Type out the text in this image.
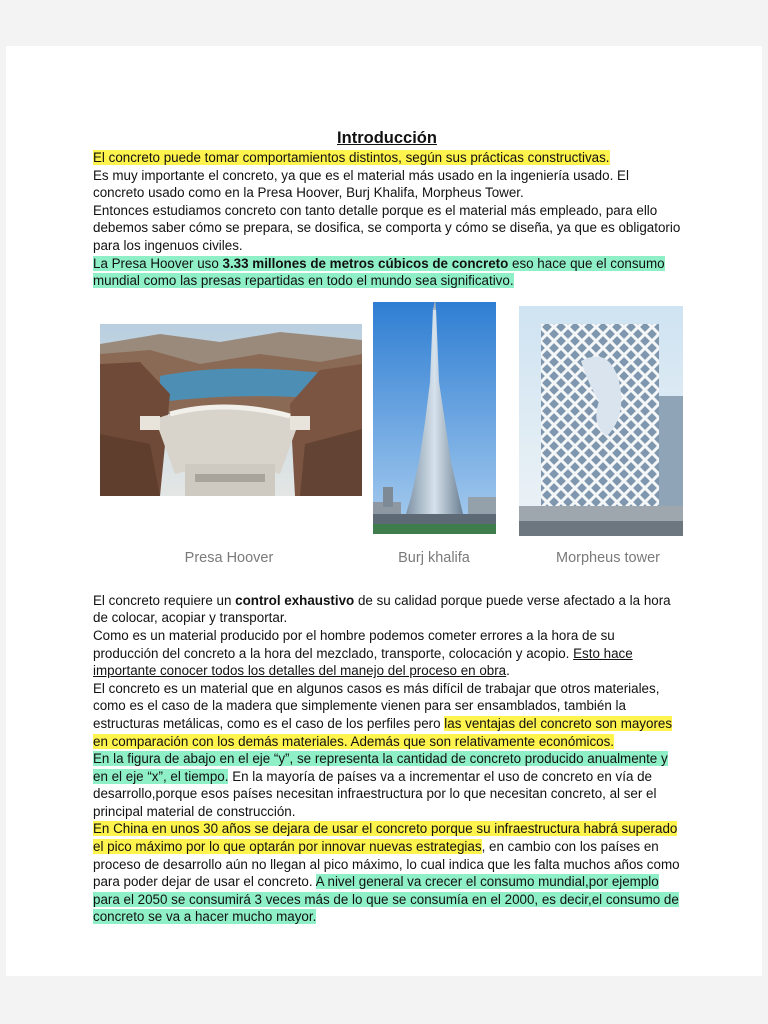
Introducción

El concreto puede tomar comportamientos distintos, según sus prácticas constructivas.

Es muy importante el concreto, ya que es el material más usado en la ingeniería usado. El concreto usado como en la Presa Hoover, Burj Khalifa, Morpheus Tower.

Entonces estudiamos concreto con tanto detalle porque es el material más empleado, para ello debemos saber cómo se prepara, se dosifica, se comporta y cómo se diseña, ya que es obligatorio para los ingenuos civiles.

La Presa Hoover uso 3.33 millones de metros cúbicos de concreto eso hace que el consumo mundial como las presas repartidas en todo el mundo sea significativo.

Presa Hoover	Burj khalifa	Morpheus tower

El concreto requiere un control exhaustivo de su calidad porque puede verse afectado a la hora de colocar, acopiar y transportar.

Como es un material producido por el hombre podemos cometer errores a la hora de su producción del concreto a la hora del mezclado, transporte, colocación y acopio. Esto hace importante conocer todos los detalles del manejo del proceso en obra.

El concreto es un material que en algunos casos es más difícil de trabajar que otros materiales, como es el caso de la madera que simplemente vienen para ser ensamblados, también la estructuras metálicas, como es el caso de los perfiles pero las ventajas del concreto son mayores en comparación con los demás materiales. Además que son relativamente económicos.

En la figura de abajo en el eje “y”, se representa la cantidad de concreto producido anualmente y en el eje “x”, el tiempo. En la mayoría de países va a incrementar el uso de concreto en vía de desarrollo,porque esos países necesitan infraestructura por lo que necesitan concreto, al ser el principal material de construcción.

En China en unos 30 años se dejara de usar el concreto porque su infraestructura habrá superado el pico máximo por lo que optarán por innovar nuevas estrategias, en cambio con los países en proceso de desarrollo aún no llegan al pico máximo, lo cual indica que les falta muchos años como para poder dejar de usar el concreto. A nivel general va crecer el consumo mundial,por ejemplo para el 2050 se consumirá 3 veces más de lo que se consumía en el 2000, es decir,el consumo de concreto se va a hacer mucho mayor.
